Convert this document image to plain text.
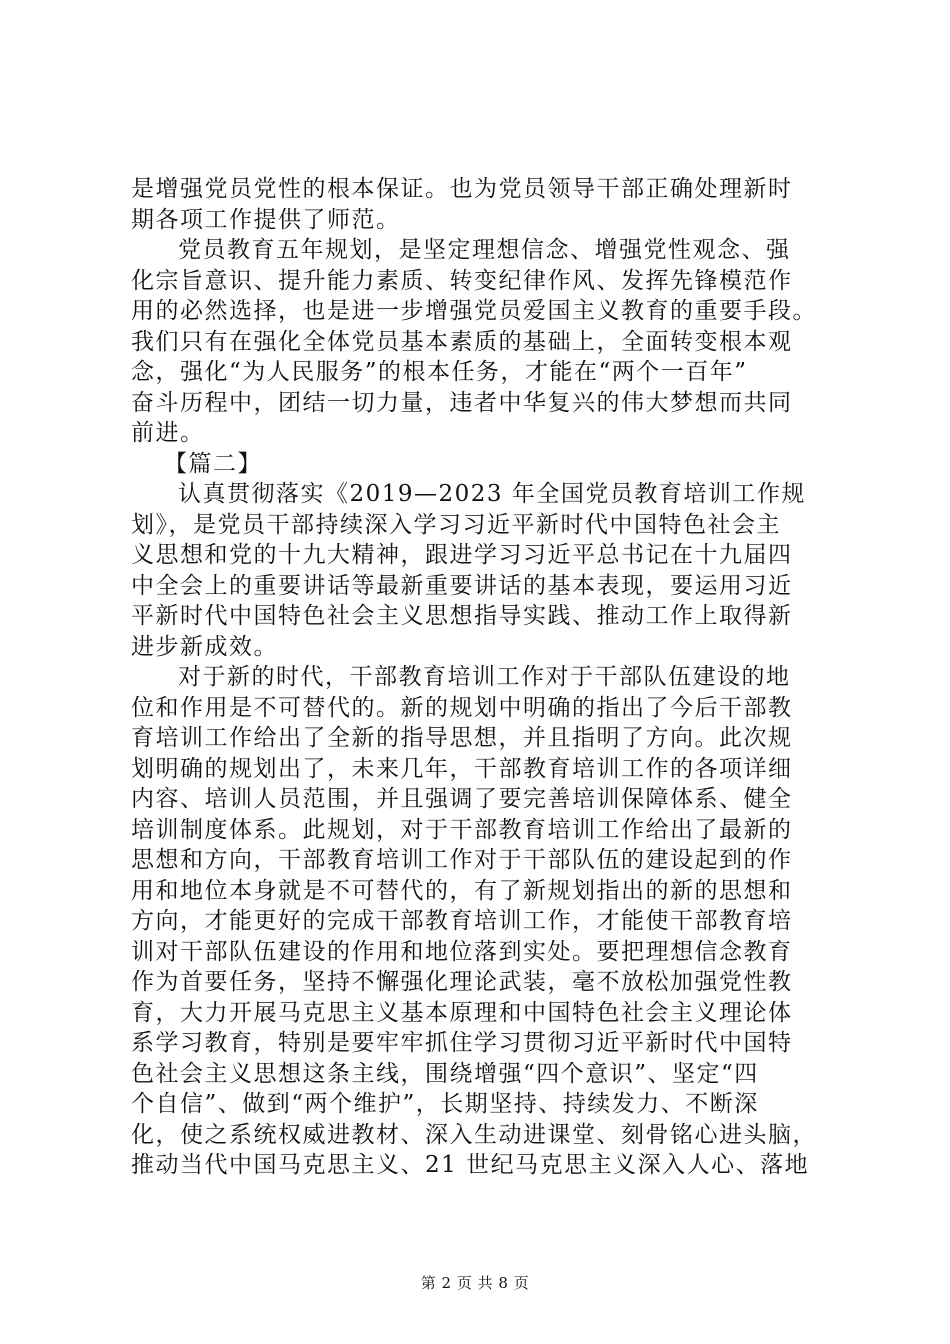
是增强党员党性的根本保证。也为党员领导干部正确处理新时
期各项工作提供了师范。
党员教育五年规划，是坚定理想信念、增强党性观念、强
化宗旨意识、提升能力素质、转变纪律作风、发挥先锋模范作
用的必然选择，也是进一步增强党员爱国主义教育的重要手段。
我们只有在强化全体党员基本素质的基础上，全面转变根本观
念，强化“为人民服务”的根本任务，才能在“两个一百年”
奋斗历程中，团结一切力量，违者中华复兴的伟大梦想而共同
前进。
【篇二】
认真贯彻落实《2019—2023 年全国党员教育培训工作规
划》，是党员干部持续深入学习习近平新时代中国特色社会主
义思想和党的十九大精神，跟进学习习近平总书记在十九届四
中全会上的重要讲话等最新重要讲话的基本表现，要运用习近
平新时代中国特色社会主义思想指导实践、推动工作上取得新
进步新成效。
对于新的时代，干部教育培训工作对于干部队伍建设的地
位和作用是不可替代的。新的规划中明确的指出了今后干部教
育培训工作给出了全新的指导思想，并且指明了方向。此次规
划明确的规划出了，未来几年，干部教育培训工作的各项详细
内容、培训人员范围，并且强调了要完善培训保障体系、健全
培训制度体系。此规划，对于干部教育培训工作给出了最新的
思想和方向，干部教育培训工作对于干部队伍的建设起到的作
用和地位本身就是不可替代的，有了新规划指出的新的思想和
方向，才能更好的完成干部教育培训工作，才能使干部教育培
训对干部队伍建设的作用和地位落到实处。要把理想信念教育
作为首要任务，坚持不懈强化理论武装，毫不放松加强党性教
育，大力开展马克思主义基本原理和中国特色社会主义理论体
系学习教育，特别是要牢牢抓住学习贯彻习近平新时代中国特
色社会主义思想这条主线，围绕增强“四个意识”、坚定“四
个自信”、做到“两个维护”，长期坚持、持续发力、不断深
化，使之系统权威进教材、深入生动进课堂、刻骨铭心进头脑，
推动当代中国马克思主义、21 世纪马克思主义深入人心、落地
第 2 页 共 8 页
